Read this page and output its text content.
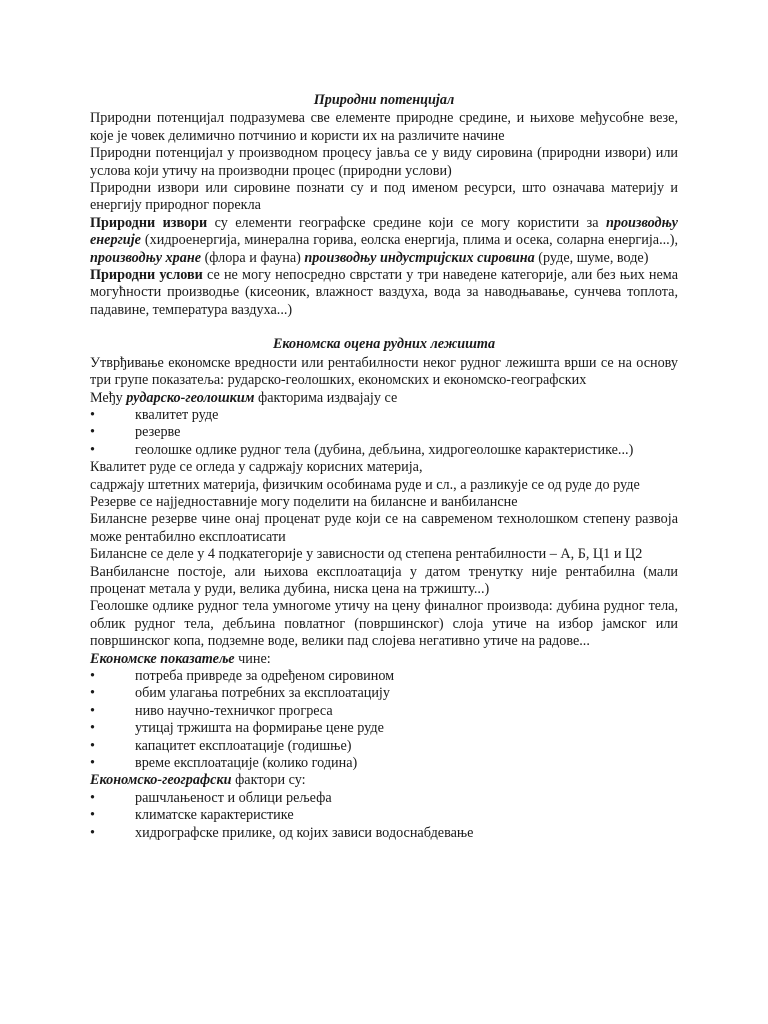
Природни потенцијал

Природни потенцијал подразумева све елементе природне средине, и њихове међусобне везе, које је човек делимично потчинио и користи их на различите начине

Природни потенцијал у производном процесу јавља се у виду сировина (природни извори) или услова који утичу на производни процес (природни услови)

Природни извори или сировине познати су и под именом ресурси, што означава материју и енергију природног порекла

Природни извори су елементи географске средине који се могу користити за производњу енергије (хидроенергија, минерална горива, еолска енергија, плима и осека, соларна енергија...), производњу хране (флора и фауна) производњу индустријских сировина (руде, шуме, воде)

Природни услови се не могу непосредно сврстати у три наведене категорије, али без њих нема могућности производње (кисеоник, влажност ваздуха, вода за наводњавање, сунчева топлота, падавине, температура ваздуха...)

Економска оцена рудних лежишта

Утврђивање економске вредности или рентабилности неког рудног лежишта врши се на основу три групе показатеља: рударско-геолошких, економских и економско-географских

Међу рударско-геолошким факторима издвајају се

•	квалитет руде
•	резерве
•	геолошке одлике рудног тела (дубина, дебљина, хидрогеолошке карактеристике...)

Квалитет руде се огледа у садржају корисних материја,

садржају штетних материја, физичким особинама руде и сл., а разликује се од руде до руде

Резерве се најједноставније могу поделити на билансне и ванбилансне

Билансне резерве чине онај проценат руде који се на савременом технолошком степену развоја може рентабилно експлоатисати

Билансне се деле у 4 подкатегорије у зависности од степена рентабилности – А, Б, Ц1 и Ц2

Ванбилансне постоје, али њихова експлоатација у датом тренутку није рентабилна (мали проценат метала у руди, велика дубина, ниска цена на тржишту...)

Геолошке одлике рудног тела умногоме утичу на цену финалног производа: дубина рудног тела, облик рудног тела, дебљина повлатног (површинског) слоја утиче на избор јамског или површинског копа, подземне воде, велики пад слојева негативно утиче на радове...

Економске показатеље чине:

•	потреба привреде за одређеном сировином
•	обим улагања потребних за експлоатацију
•	ниво научно-техничког прогреса
•	утицај тржишта на формирање цене руде
•	капацитет експлоатације (годишње)
•	време експлоатације (колико година)

Економско-географски фактори су:

•	рашчлањеност и облици рељефа
•	климатске карактеристике
•	хидрографске прилике, од којих зависи водоснабдевање
